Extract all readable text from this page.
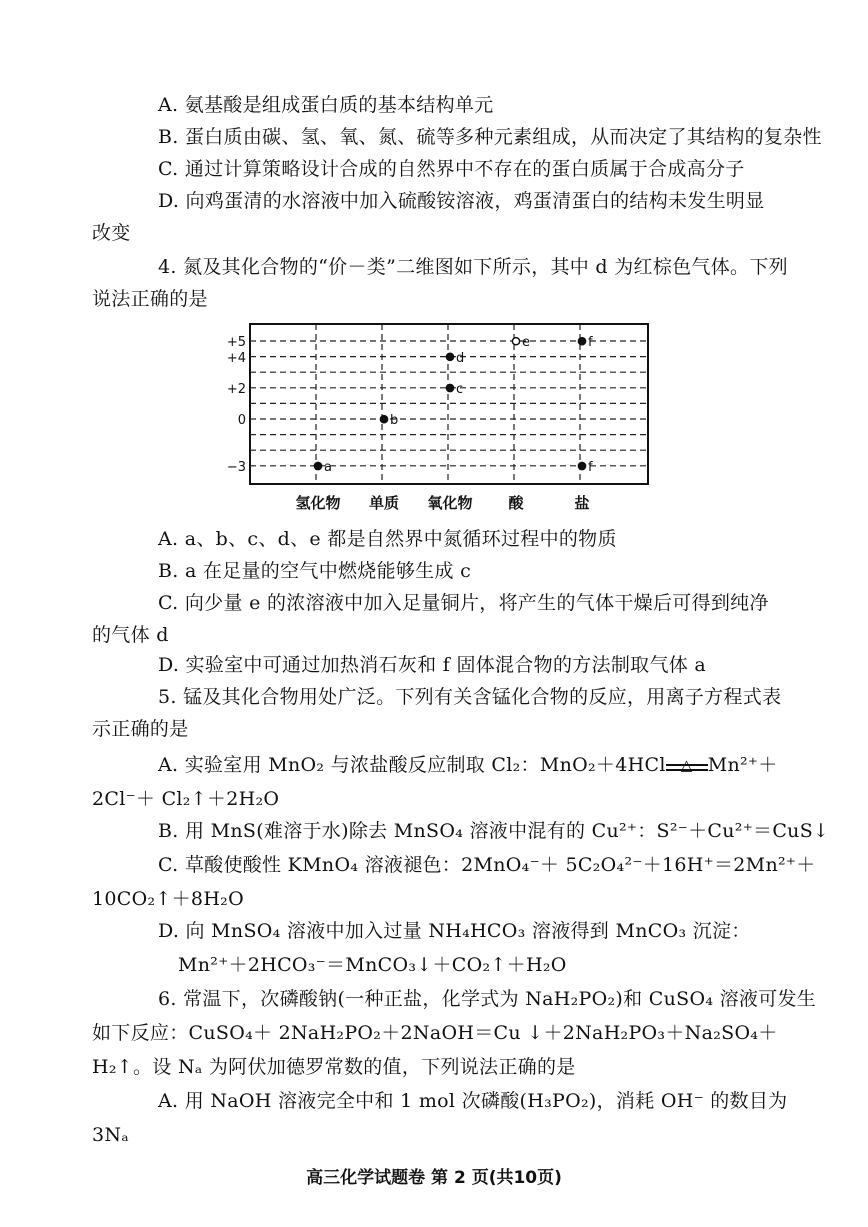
A. 氨基酸是组成蛋白质的基本结构单元
B. 蛋白质由碳、氢、氧、氮、硫等多种元素组成，从而决定了其结构的复杂性
C. 通过计算策略设计合成的自然界中不存在的蛋白质属于合成高分子
D. 向鸡蛋清的水溶液中加入硫酸铵溶液，鸡蛋清蛋白的结构未发生明显
改变
4. 氮及其化合物的“价－类”二维图如下所示，其中 d 为红棕色气体。下列
说法正确的是
+5
+4
+2
0
−3
氢化物 单质 氧化物 酸	盐
a
b
c
d
e	f
f
A. a、b、c、d、e 都是自然界中氮循环过程中的物质
B. a 在足量的空气中燃烧能够生成 c
C. 向少量 e 的浓溶液中加入足量铜片，将产生的气体干燥后可得到纯净
的气体 d
D. 实验室中可通过加热消石灰和 f 固体混合物的方法制取气体 a
5. 锰及其化合物用处广泛。下列有关含锰化合物的反应，用离子方程式表
示正确的是
A. 实验室用 MnO₂ 与浓盐酸反应制取 Cl₂：MnO₂＋4HCl	△ Mn²⁺＋
2Cl⁻＋ Cl₂↑＋2H₂O
B. 用 MnS(难溶于水)除去 MnSO₄ 溶液中混有的 Cu²⁺：S²⁻＋Cu²⁺＝CuS↓
C. 草酸使酸性 KMnO₄ 溶液褪色：2MnO₄⁻＋ 5C₂O₄²⁻＋16H⁺＝2Mn²⁺＋
10CO₂↑＋8H₂O
D. 向 MnSO₄ 溶液中加入过量 NH₄HCO₃ 溶液得到 MnCO₃ 沉淀：
Mn²⁺＋2HCO₃⁻＝MnCO₃↓＋CO₂↑＋H₂O
6. 常温下，次磷酸钠(一种正盐，化学式为 NaH₂PO₂)和 CuSO₄ 溶液可发生
如下反应：CuSO₄＋ 2NaH₂PO₂＋2NaOH＝Cu ↓＋2NaH₂PO₃＋Na₂SO₄＋
H₂↑。设 Nₐ 为阿伏加德罗常数的值，下列说法正确的是
A. 用 NaOH 溶液完全中和 1 mol 次磷酸(H₃PO₂)，消耗 OH⁻ 的数目为
3Nₐ
高三化学试题卷 第 2 页(共10页)
